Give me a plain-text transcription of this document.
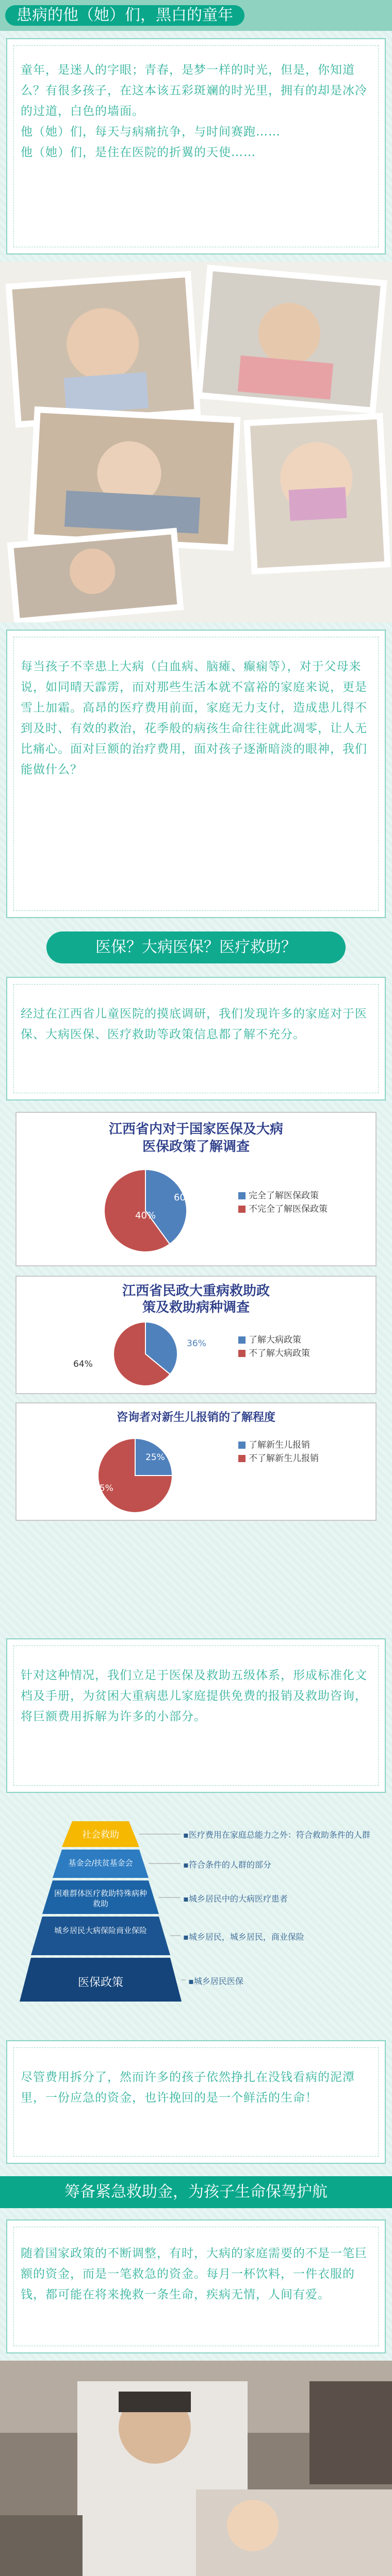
患病的他（她）们，黑白的童年

童年，是迷人的字眼；青春，是梦一样的时光，但是，你知道么？有很多孩子，在这本该五彩斑斓的时光里，拥有的却是冰冷的过道，白色的墙面。

他（她）们，每天与病痛抗争，与时间赛跑……

他（她）们，是住在医院的折翼的天使……

每当孩子不幸患上大病（白血病、脑瘫、癫痫等），对于父母来说，如同晴天霹雳，而对那些生活本就不富裕的家庭来说，更是雪上加霜。高昂的医疗费用前面，家庭无力支付，造成患儿得不到及时、有效的救治，花季般的病孩生命往往就此凋零，让人无比痛心。面对巨额的治疗费用，面对孩子逐渐暗淡的眼神，我们能做什么？

医保？大病医保？医疗救助？

经过在江西省儿童医院的摸底调研，我们发现许多的家庭对于医保、大病医保、医疗救助等政策信息都了解不充分。

江西省内对于国家医保及大病
医保政策了解调查
40%
60%	完全了解医保政策
不完全了解医保政策
江西省民政大重病救助政
策及救助病种调查
36%
64%
了解大病政策
不了解大病政策
咨询者对新生儿报销的了解程度
25%
75%
了解新生儿报销
不了解新生儿报销

针对这种情况，我们立足于医保及救助五级体系，形成标准化文档及手册，为贫困大重病患儿家庭提供免费的报销及救助咨询，将巨额费用拆解为许多的小部分。

社会救助
基金会/扶贫基金会
困难群体医疗救助特殊病种救助
城乡居民大病保险商业保险
医保政策
▪医疗费用在家庭总能力之外：符合救助条件的人群
▪符合条件的人群的部分
▪城乡居民中的大病医疗患者
▪城乡居民，城乡居民，商业保险
▪城乡居民医保

尽管费用拆分了，然而许多的孩子依然挣扎在没钱看病的泥潭里，一份应急的资金，也许挽回的是一个鲜活的生命！

筹备紧急救助金，为孩子生命保驾护航

随着国家政策的不断调整，有时，大病的家庭需要的不是一笔巨额的资金，而是一笔救急的资金。每月一杯饮料，一件衣服的钱，都可能在将来挽救一条生命，疾病无情，人间有爱。
